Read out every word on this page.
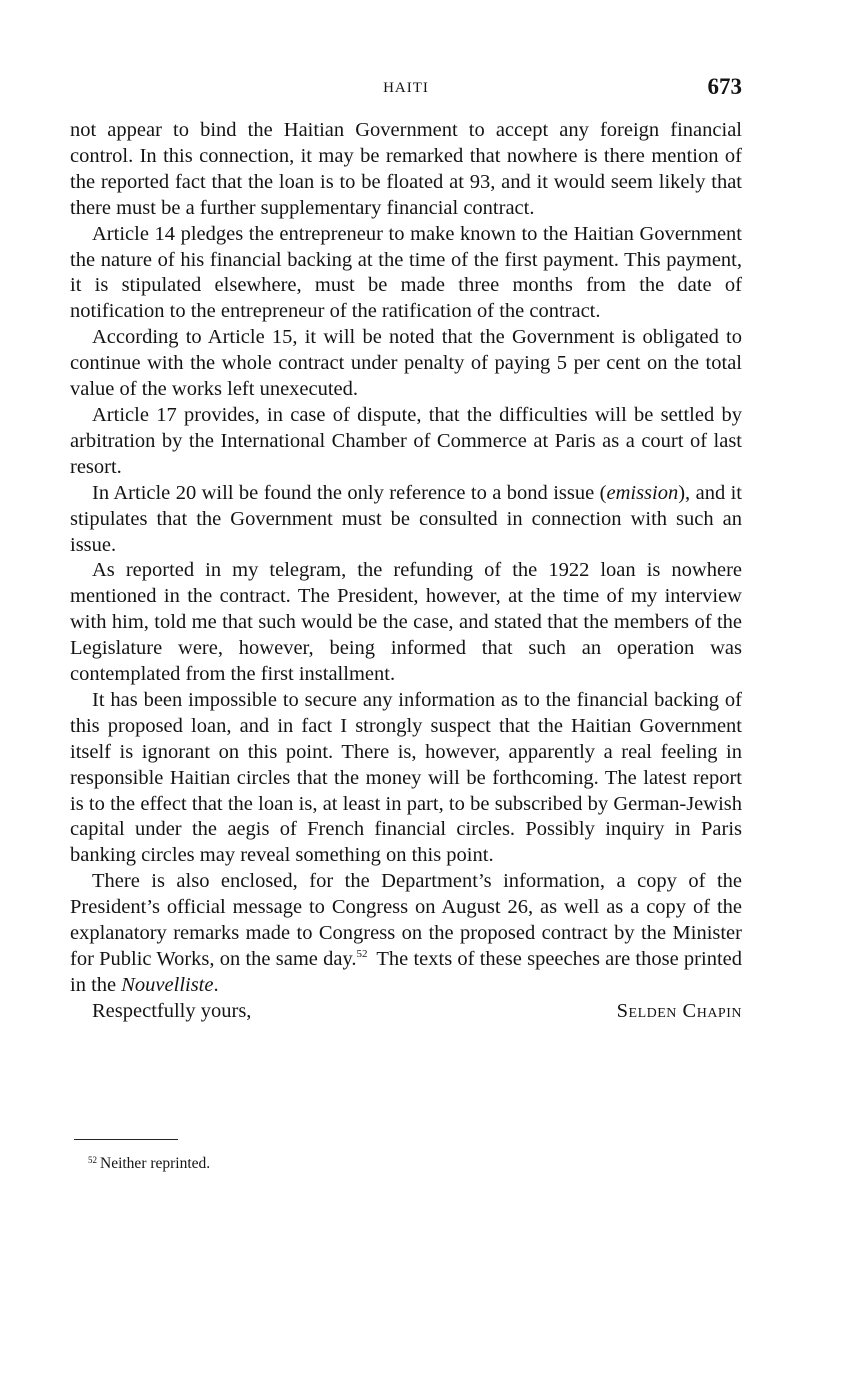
HAITI	673

not appear to bind the Haitian Government to accept any foreign financial control. In this connection, it may be remarked that nowhere is there mention of the reported fact that the loan is to be floated at 93, and it would seem likely that there must be a further supplementary financial contract.

Article 14 pledges the entrepreneur to make known to the Haitian Government the nature of his financial backing at the time of the first payment. This payment, it is stipulated elsewhere, must be made three months from the date of notification to the entrepreneur of the ratification of the contract.

According to Article 15, it will be noted that the Government is obligated to continue with the whole contract under penalty of paying 5 per cent on the total value of the works left unexecuted.

Article 17 provides, in case of dispute, that the difficulties will be settled by arbitration by the International Chamber of Commerce at Paris as a court of last resort.

In Article 20 will be found the only reference to a bond issue (emission), and it stipulates that the Government must be consulted in connection with such an issue.

As reported in my telegram, the refunding of the 1922 loan is nowhere mentioned in the contract. The President, however, at the time of my interview with him, told me that such would be the case, and stated that the members of the Legislature were, however, being informed that such an operation was contemplated from the first installment.

It has been impossible to secure any information as to the financial backing of this proposed loan, and in fact I strongly suspect that the Haitian Government itself is ignorant on this point. There is, however, apparently a real feeling in responsible Haitian circles that the money will be forthcoming. The latest report is to the effect that the loan is, at least in part, to be subscribed by German-Jewish capital under the aegis of French financial circles. Possibly inquiry in Paris banking circles may reveal something on this point.

There is also enclosed, for the Department’s information, a copy of the President’s official message to Congress on August 26, as well as a copy of the explanatory remarks made to Congress on the proposed contract by the Minister for Public Works, on the same day.$^{52}$ The texts of these speeches are those printed in the Nouvelliste.

Respectfully yours,	Selden Chapin

$^{52}$ Neither reprinted.
